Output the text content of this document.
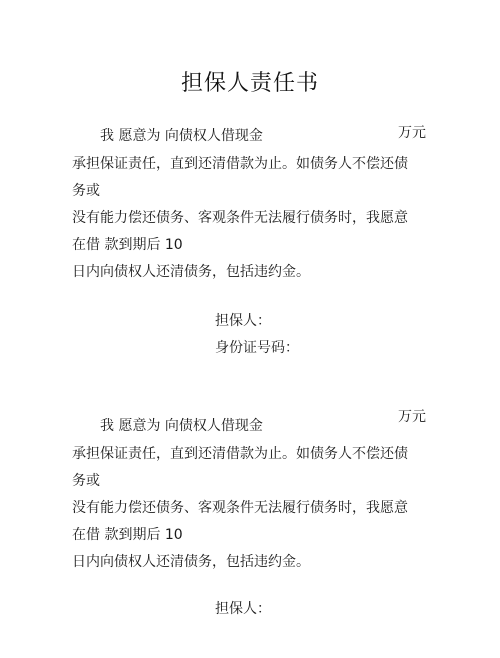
担保人责任书
我 愿意为 向债权人借现金	万元
承担保证责任，直到还清借款为止。如债务人不偿还债
务或
没有能力偿还债务、客观条件无法履行债务时，我愿意
在借 款到期后 10
日内向债权人还清债务，包括违约金。
担保人：
身份证号码：
我 愿意为 向债权人借现金
万元
承担保证责任，直到还清借款为止。如债务人不偿还债
务或
没有能力偿还债务、客观条件无法履行债务时，我愿意
在借 款到期后 10
日内向债权人还清债务，包括违约金。
担保人：
